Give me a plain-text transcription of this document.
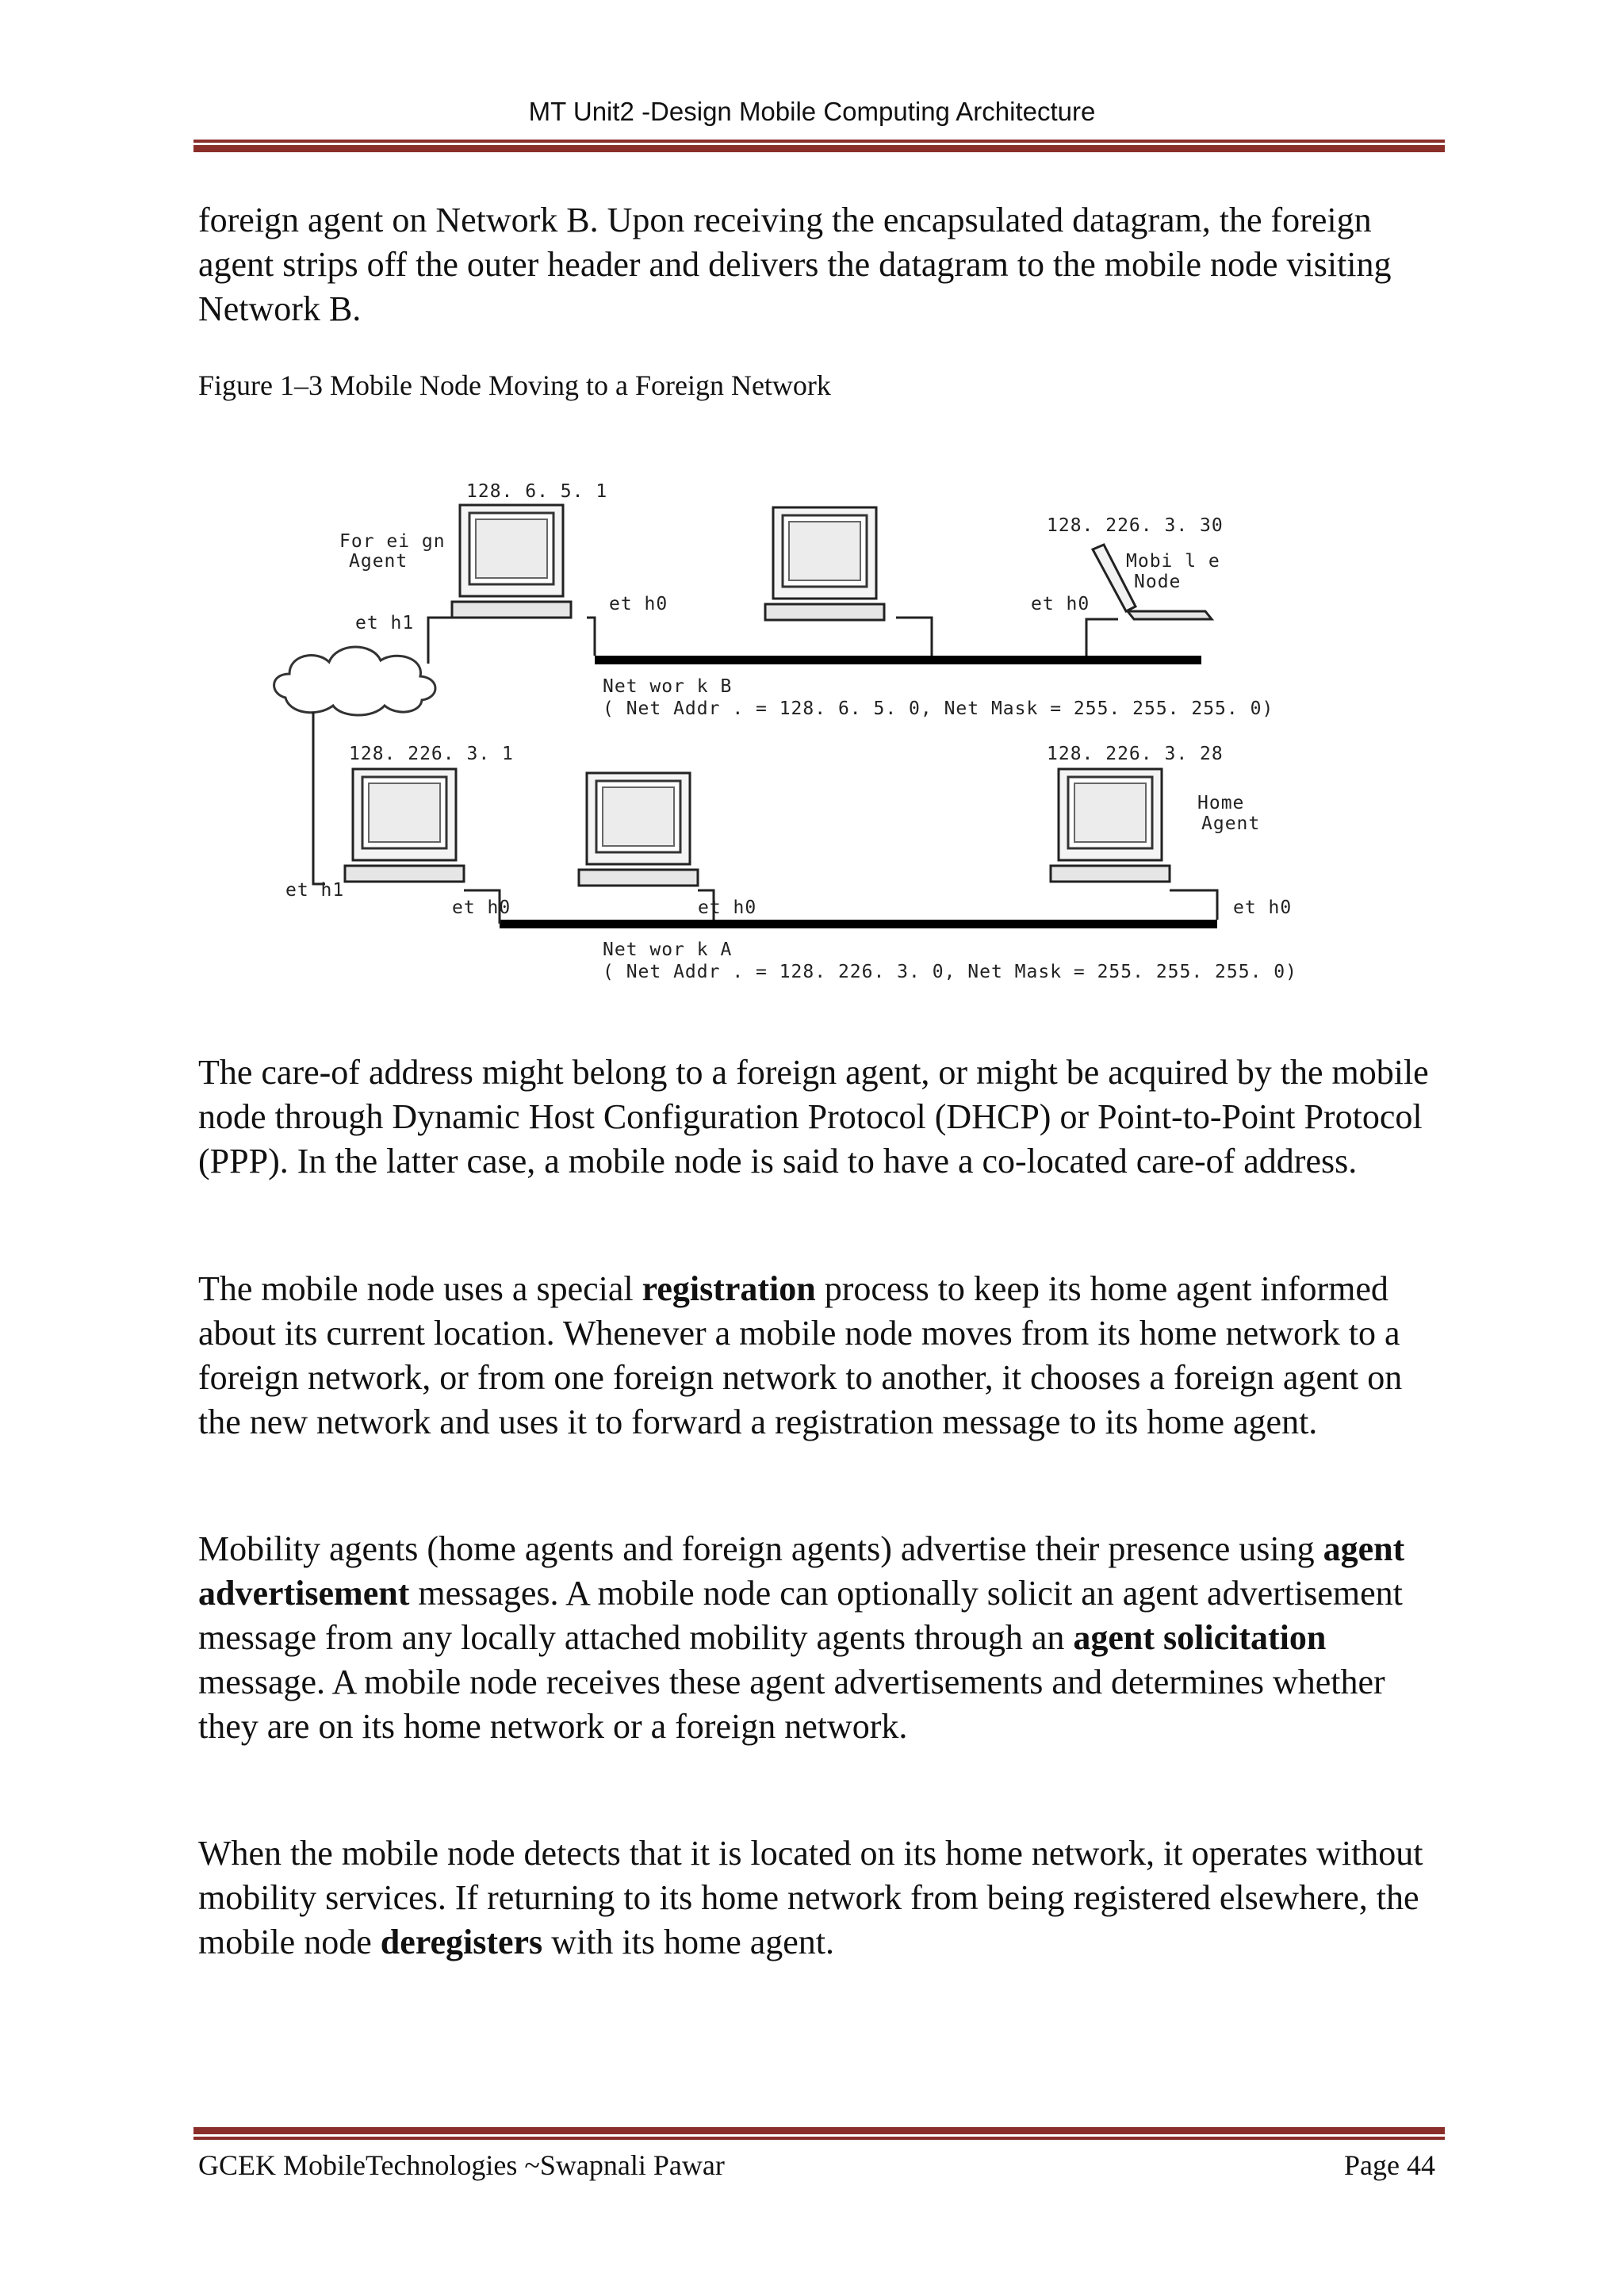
MT Unit2 -Design Mobile Computing Architecture

foreign agent on Network B. Upon receiving the encapsulated datagram, the foreign agent strips off the outer header and delivers the datagram to the mobile node visiting Network B.

Figure 1–3 Mobile Node Moving to a Foreign Network
128. 6. 5. 1
For ei gn
Agent
et h1
et h0
128. 226. 3. 30
Mobi l e
Node
et h0
Net wor k B
( Net Addr . = 128. 6. 5. 0, Net Mask = 255. 255. 255. 0)
128. 226. 3. 1
et h1
et h0	et h0
128. 226. 3. 28
Home
Agent
et h0
Net wor k A
( Net Addr . = 128. 226. 3. 0, Net Mask = 255. 255. 255. 0)

The care-of address might belong to a foreign agent, or might be acquired by the mobile node through Dynamic Host Configuration Protocol (DHCP) or Point-to-Point Protocol (PPP). In the latter case, a mobile node is said to have a co-located care-of address.

The mobile node uses a special registration process to keep its home agent informed about its current location. Whenever a mobile node moves from its home network to a foreign network, or from one foreign network to another, it chooses a foreign agent on the new network and uses it to forward a registration message to its home agent.

Mobility agents (home agents and foreign agents) advertise their presence using agent advertisement messages. A mobile node can optionally solicit an agent advertisement message from any locally attached mobility agents through an agent solicitation message. A mobile node receives these agent advertisements and determines whether they are on its home network or a foreign network.

When the mobile node detects that it is located on its home network, it operates without mobility services. If returning to its home network from being registered elsewhere, the mobile node deregisters with its home agent.

GCEK MobileTechnologies ~Swapnali Pawar	Page 44
